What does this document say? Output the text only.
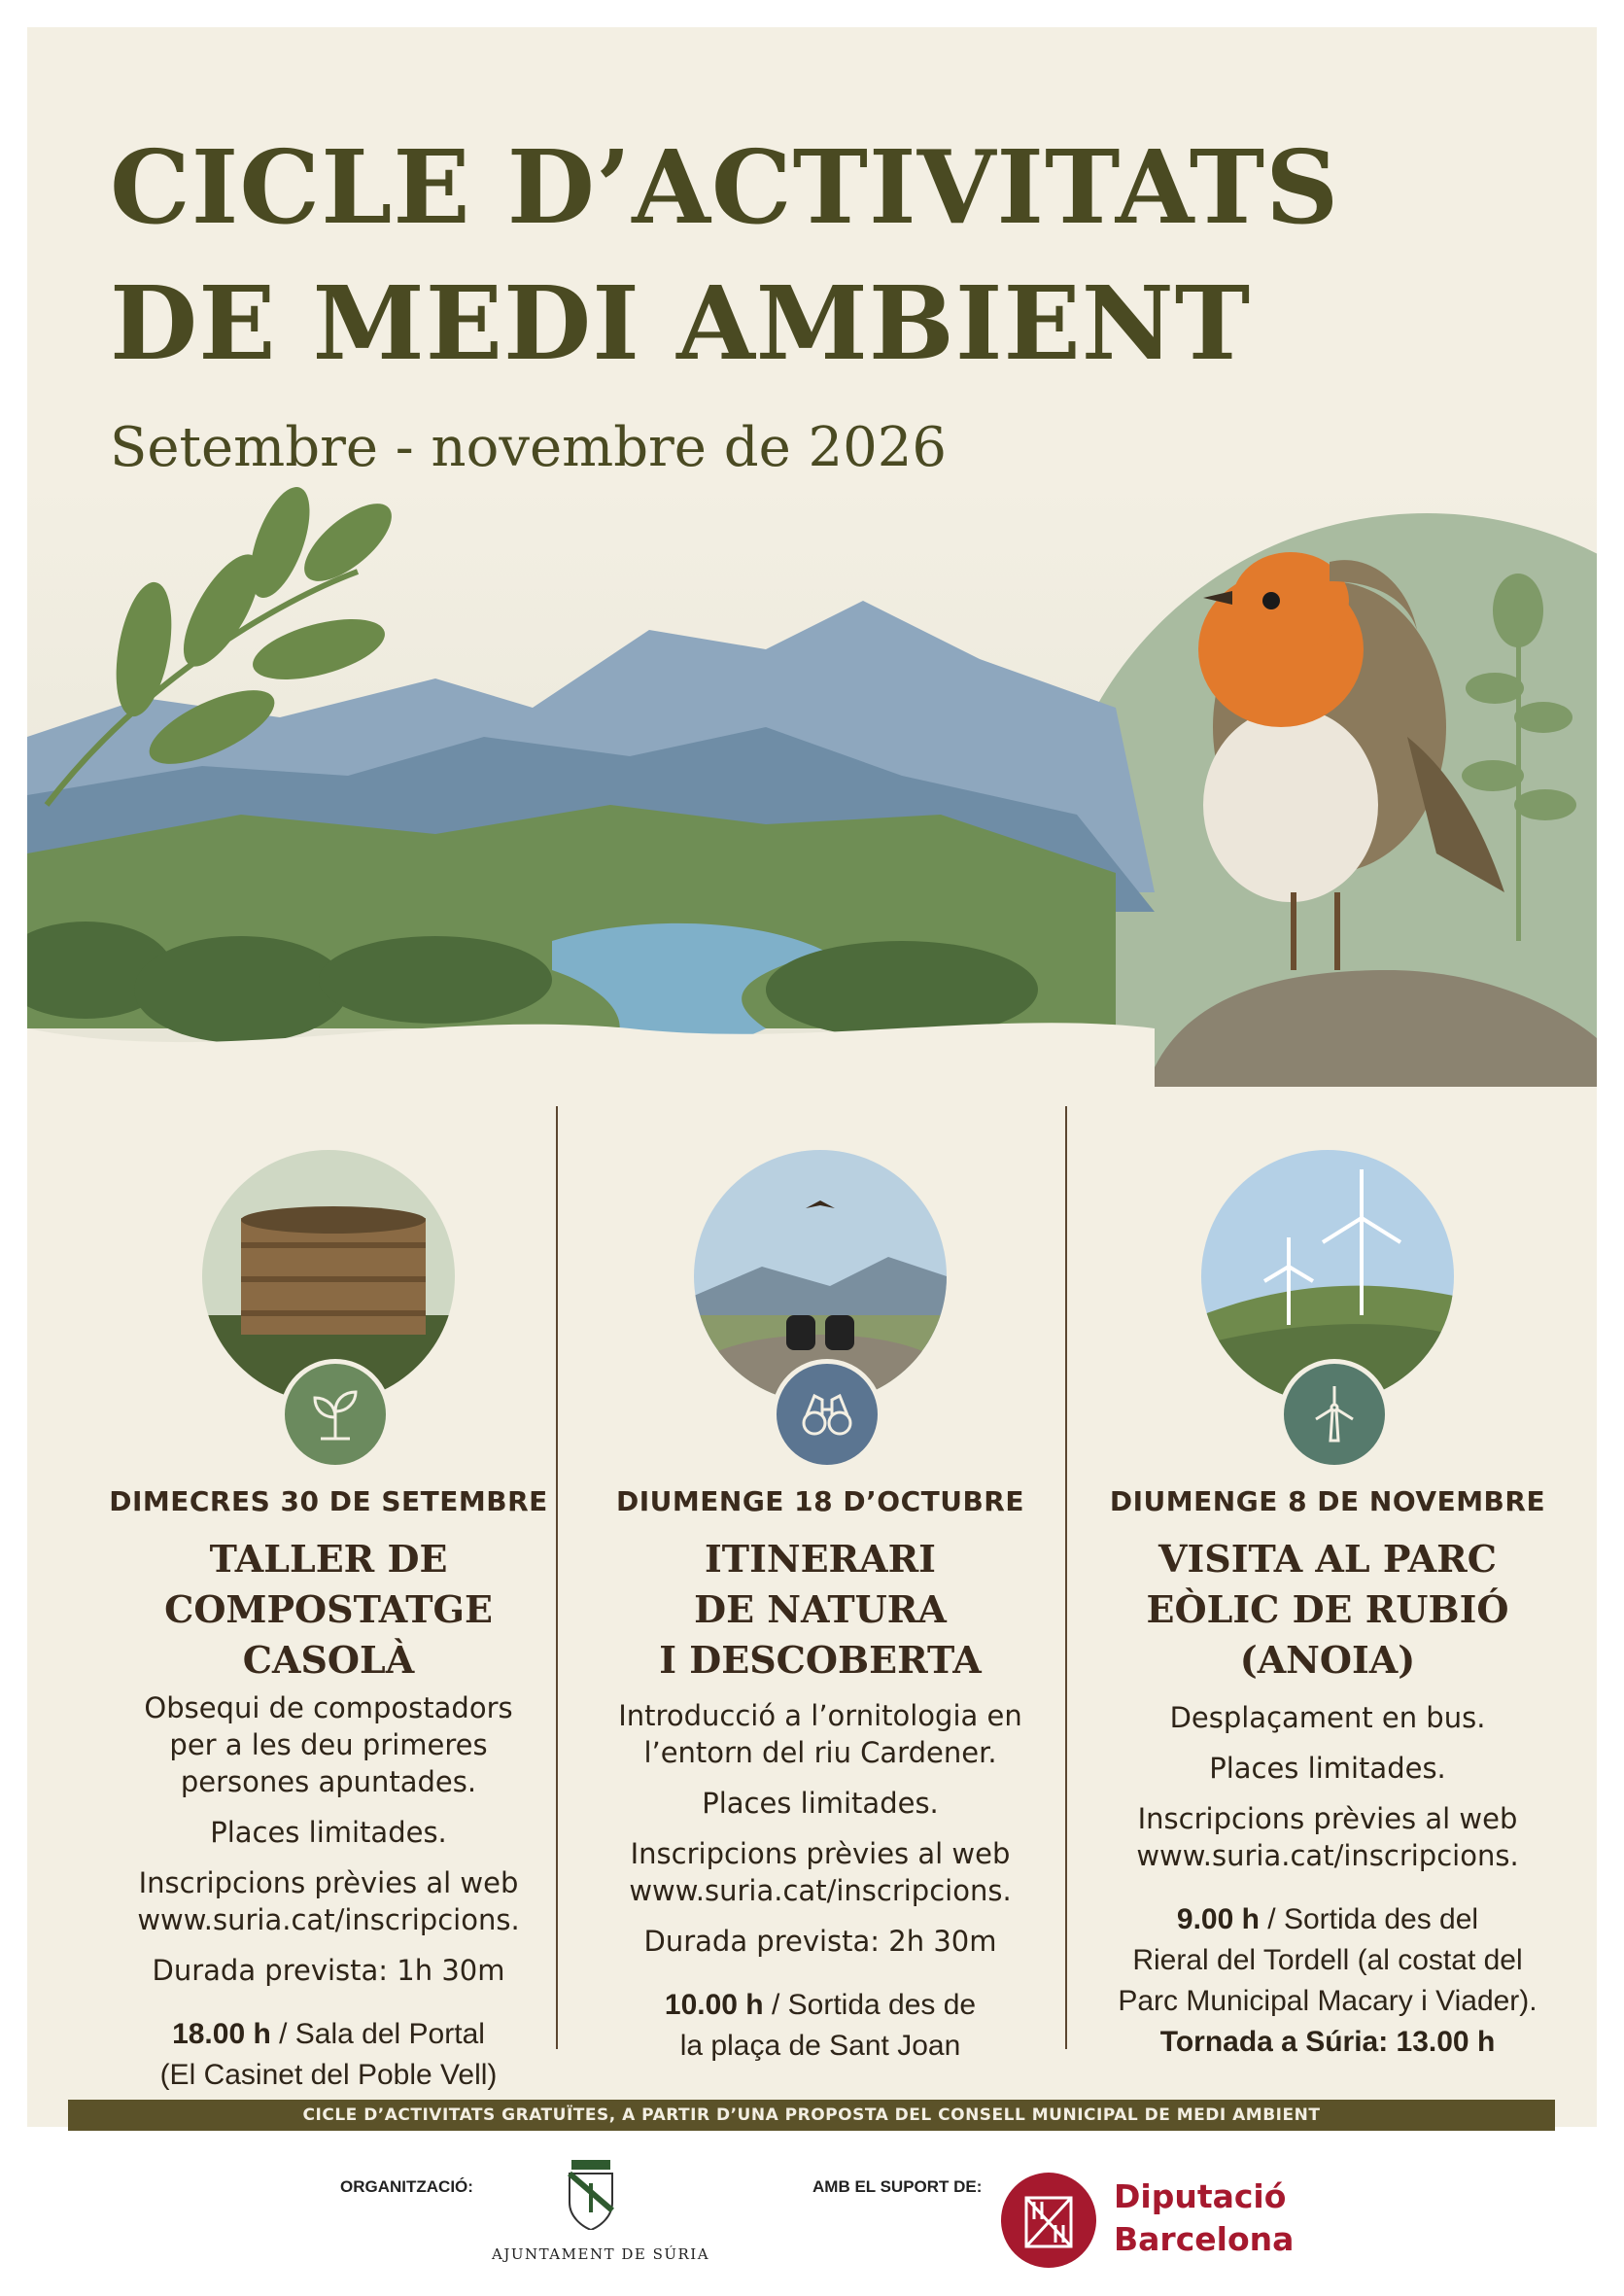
CICLE D’ACTIVITATS
DE MEDI AMBIENT
Setembre - novembre de 2026
DIMECRES 30 DE SETEMBRE
TALLER DE
COMPOSTATGE
CASOLÀ

Obsequi de compostadors
per a les deu primeres
persones apuntades.

Places limitades.

Inscripcions prèvies al web
www.suria.cat/inscripcions.

Durada prevista: 1h 30m

18.00 h / Sala del Portal
(El Casinet del Poble Vell)
DIUMENGE 18 D’OCTUBRE
ITINERARI
DE NATURA
I DESCOBERTA

Introducció a l’ornitologia en
l’entorn del riu Cardener.

Places limitades.

Inscripcions prèvies al web
www.suria.cat/inscripcions.

Durada prevista: 2h 30m

10.00 h / Sortida des de
la plaça de Sant Joan
DIUMENGE 8 DE NOVEMBRE
VISITA AL PARC
EÒLIC DE RUBIÓ
(ANOIA)

Desplaçament en bus.

Places limitades.

Inscripcions prèvies al web
www.suria.cat/inscripcions.

9.00 h / Sortida des del
Rieral del Tordell (al costat del
Parc Municipal Macary i Viader).
Tornada a Súria: 13.00 h
CICLE D’ACTIVITATS GRATUÏTES, A PARTIR D’UNA PROPOSTA DEL CONSELL MUNICIPAL DE MEDI AMBIENT
ORGANITZACIÓ:
AJUNTAMENT DE SÚRIA
AMB EL SUPORT DE:	Diputació
Barcelona
